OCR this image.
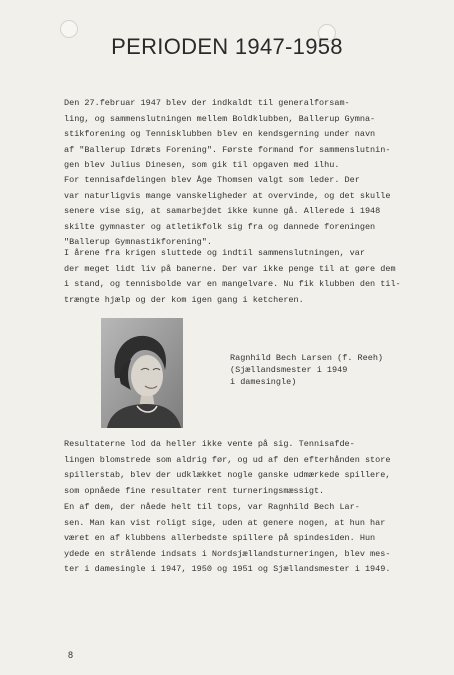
PERIODEN 1947-1958
Den 27.februar 1947 blev der indkaldt til generalforsam-
ling, og sammenslutningen mellem Boldklubben, Ballerup Gymna-
stikforening og Tennisklubben blev en kendsgerning under navn
af "Ballerup Idræts Forening". Første formand for sammenslutnin-
gen blev Julius Dinesen, som gik til opgaven med ilhu.
For tennisafdelingen blev Åge Thomsen valgt som leder. Der
var naturligvis mange vanskeligheder at overvinde, og det skulle
senere vise sig, at samarbejdet ikke kunne gå. Allerede i 1948
skilte gymnaster og atletikfolk sig fra og dannede foreningen
"Ballerup Gymnastikforening".
I årene fra krigen sluttede og indtil sammenslutningen, var
der meget lidt liv på banerne. Der var ikke penge til at gøre dem
i stand, og tennisbolde var en mangelvare. Nu fik klubben den til-
trængte hjælp og der kom igen gang i ketcheren.
Ragnhild Bech Larsen (f. Reeh)
(Sjællandsmester i 1949
i damesingle)
Resultaterne lod da heller ikke vente på sig. Tennisafde-
lingen blomstrede som aldrig før, og ud af den efterhånden store
spillerstab, blev der udklækket nogle ganske udmærkede spillere,
som opnåede fine resultater rent turneringsmæssigt.
En af dem, der nåede helt til tops, var Ragnhild Bech Lar-
sen. Man kan vist roligt sige, uden at genere nogen, at hun har
været en af klubbens allerbedste spillere på spindesiden. Hun
ydede en strålende indsats i Nordsjællandsturneringen, blev mes-
ter i damesingle i 1947, 1950 og 1951 og Sjællandsmester i 1949.
8
